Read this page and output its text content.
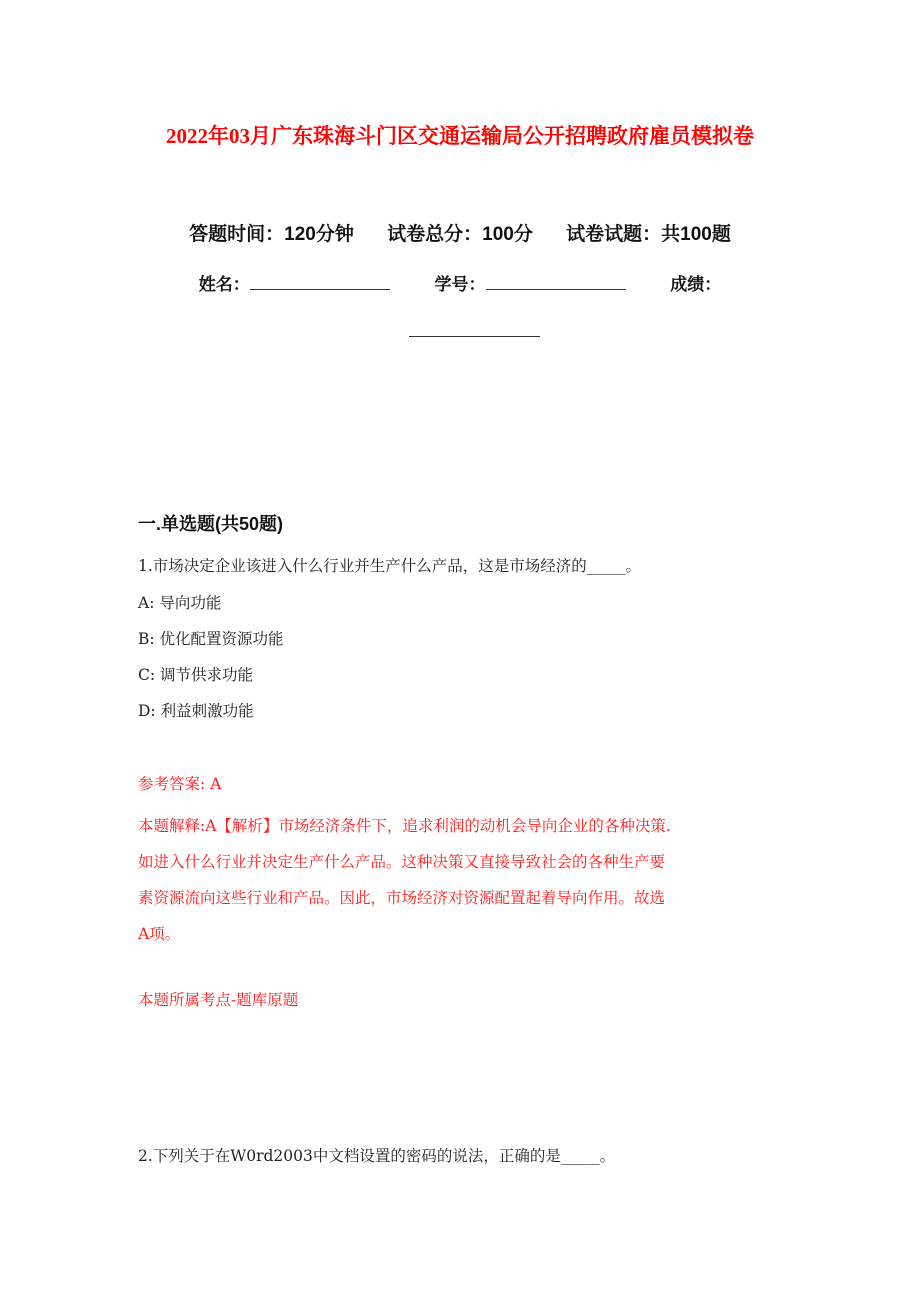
2022年03月广东珠海斗门区交通运输局公开招聘政府雇员模拟卷
答题时间：120分钟 试卷总分：100分 试卷试题：共100题
姓名：	学号：	成绩：
一.单选题(共50题)
1.市场决定企业该进入什么行业并生产什么产品，这是市场经济的_____。
A: 导向功能
B: 优化配置资源功能
C: 调节供求功能
D: 利益刺激功能
参考答案: A
本题解释:A【解析】市场经济条件下，追求利润的动机会导向企业的各种决策.
如进入什么行业并决定生产什么产品。这种决策又直接导致社会的各种生产要
素资源流向这些行业和产品。因此，市场经济对资源配置起着导向作用。故选
A项。
本题所属考点-题库原题
2.下列关于在W0rd2003中文档设置的密码的说法，正确的是_____。
